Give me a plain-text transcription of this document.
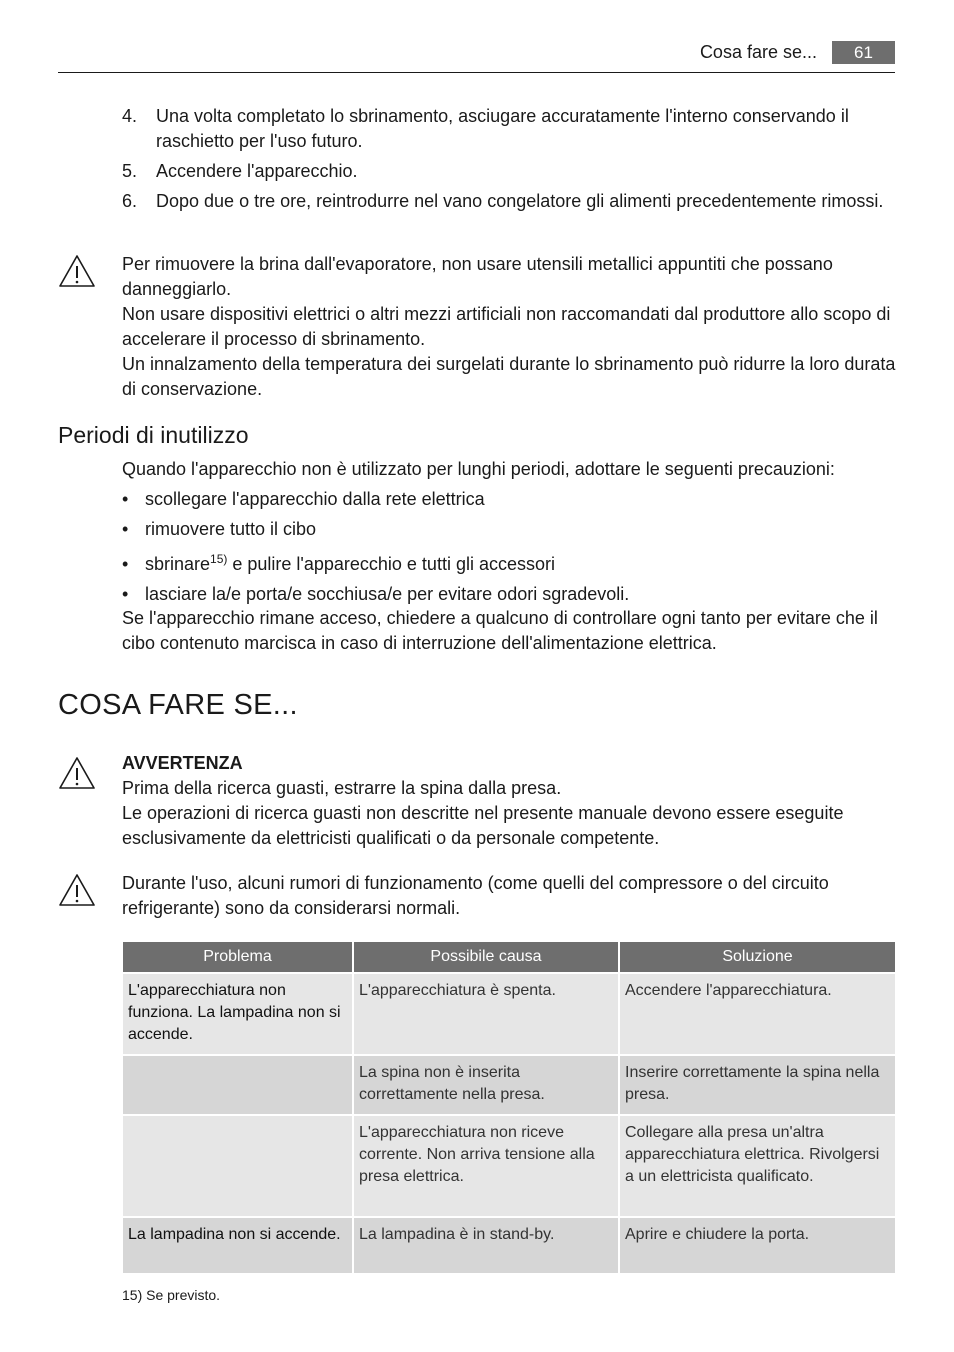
Cosa fare se...	61
4.	Una volta completato lo sbrinamento, asciugare accuratamente l'interno conservando il raschietto per l'uso futuro.
5.	Accendere l'apparecchio.
6.	Dopo due o tre ore, reintrodurre nel vano congelatore gli alimenti precedentemente rimossi.

Per rimuovere la brina dall'evaporatore, non usare utensili metallici appuntiti che possano danneggiarlo.

Non usare dispositivi elettrici o altri mezzi artificiali non raccomandati dal produttore allo scopo di accelerare il processo di sbrinamento.

Un innalzamento della temperatura dei surgelati durante lo sbrinamento può ridurre la loro durata di conservazione.

Periodi di inutilizzo
Quando l'apparecchio non è utilizzato per lunghi periodi, adottare le seguenti precauzioni:
• scollegare l'apparecchio dalla rete elettrica
• rimuovere tutto il cibo
• sbrinare$^{15)}$ e pulire l'apparecchio e tutti gli accessori
• lasciare la/e porta/e socchiusa/e per evitare odori sgradevoli.
Se l'apparecchio rimane acceso, chiedere a qualcuno di controllare ogni tanto per evitare che il cibo contenuto marcisca in caso di interruzione dell'alimentazione elettrica.
COSA FARE SE...

AVVERTENZA

Prima della ricerca guasti, estrarre la spina dalla presa.

Le operazioni di ricerca guasti non descritte nel presente manuale devono essere eseguite esclusivamente da elettricisti qualificati o da personale competente.

Durante l'uso, alcuni rumori di funzionamento (come quelli del compressore o del circuito refrigerante) sono da considerarsi normali.
Problema	Possibile causa	Soluzione
L'apparecchiatura non funziona. La lampadina non si accende.	L'apparecchiatura è spenta.	Accendere l'apparecchiatura.
	La spina non è inserita correttamente nella presa.	Inserire correttamente la spina nella presa.
	L'apparecchiatura non riceve corrente. Non arriva tensione alla presa elettrica.	Collegare alla presa un'altra apparecchiatura elettrica. Rivolgersi a un elettricista qualificato.
La lampadina non si accende.	La lampadina è in stand-by.	Aprire e chiudere la porta.
15) Se previsto.
